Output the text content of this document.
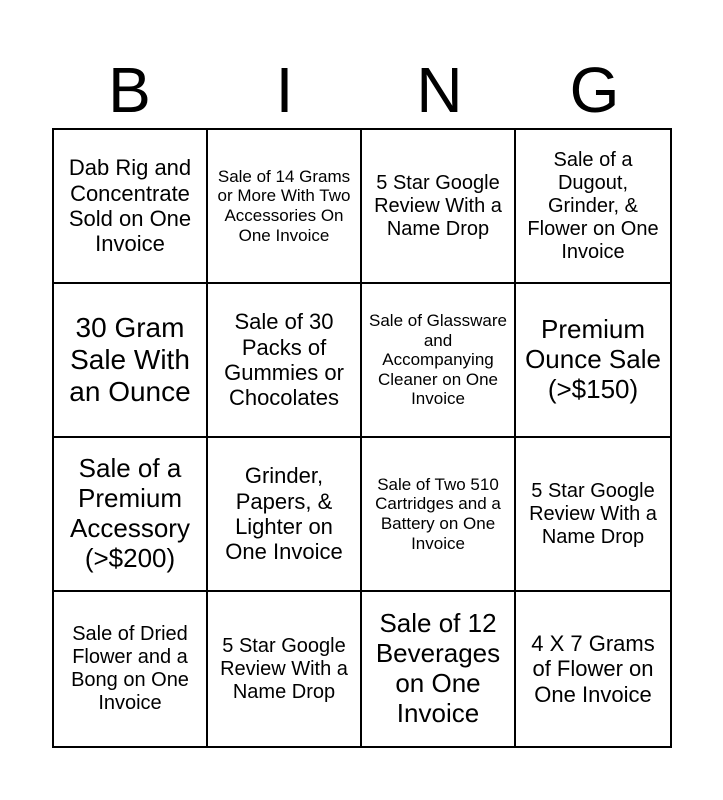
B	I	N	G
Dab Rig and Concentrate Sold on One Invoice
Sale of 14 Grams or More With Two Accessories On One Invoice
5 Star Google Review With a Name Drop
Sale of a Dugout, Grinder, & Flower on One Invoice
30 Gram Sale With an Ounce
Sale of 30 Packs of Gummies or Chocolates
Sale of Glassware and Accompanying Cleaner on One Invoice
Premium Ounce Sale (>$150)
Sale of a Premium Accessory (>$200)
Grinder, Papers, & Lighter on One Invoice
Sale of Two 510 Cartridges and a Battery on One Invoice
5 Star Google Review With a Name Drop
Sale of Dried Flower and a Bong on One Invoice
5 Star Google Review With a Name Drop
Sale of 12 Beverages on One Invoice
4 X 7 Grams of Flower on One Invoice
